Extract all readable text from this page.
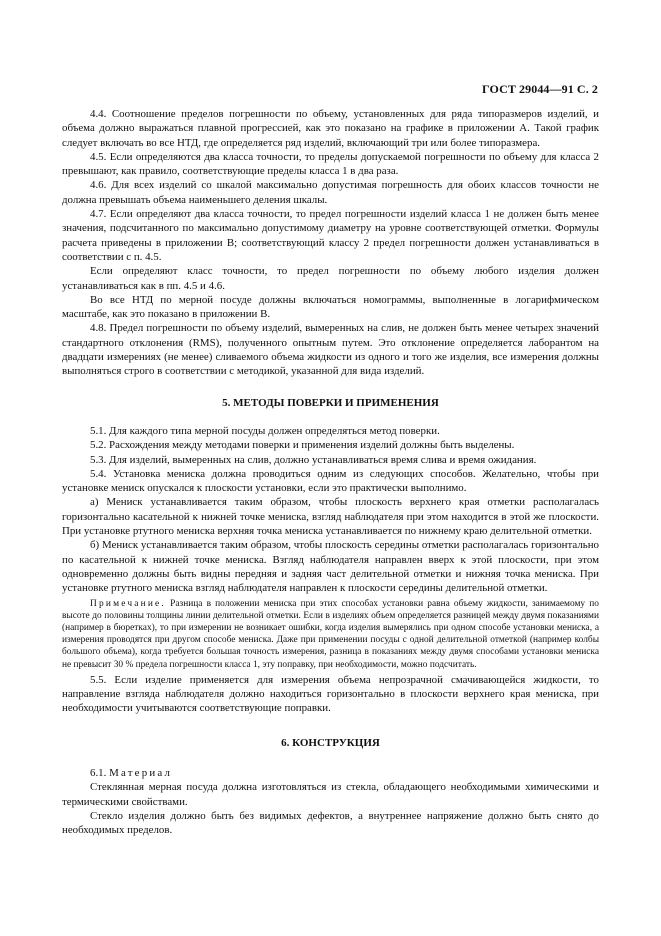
ГОСТ 29044—91 С. 2

4.4. Соотношение пределов погрешности по объему, установленных для ряда типоразмеров изделий, и объема должно выражаться плавной прогрессией, как это показано на графике в приложении А. Такой график следует включать во все НТД, где определяется ряд изделий, включающий три или более типоразмера.

4.5. Если определяются два класса точности, то пределы допускаемой погрешности по объему для класса 2 превышают, как правило, соответствующие пределы класса 1 в два раза.

4.6. Для всех изделий со шкалой максимально допустимая погрешность для обоих классов точности не должна превышать объема наименьшего деления шкалы.

4.7. Если определяют два класса точности, то предел погрешности изделий класса 1 не должен быть менее значения, подсчитанного по максимально допустимому диаметру на уровне соответствующей отметки. Формулы расчета приведены в приложении В; соответствующий классу 2 предел погрешности должен устанавливаться в соответствии с п. 4.5.

Если определяют класс точности, то предел погрешности по объему любого изделия должен устанавливаться как в пп. 4.5 и 4.6.

Во все НТД по мерной посуде должны включаться номограммы, выполненные в логарифмическом масштабе, как это показано в приложении В.

4.8. Предел погрешности по объему изделий, вымеренных на слив, не должен быть менее четырех значений стандартного отклонения (RMS), полученного опытным путем. Это отклонение определяется лаборантом на двадцати измерениях (не менее) сливаемого объема жидкости из одного и того же изделия, все измерения должны выполняться строго в соответствии с методикой, указанной для вида изделий.

5. МЕТОДЫ ПОВЕРКИ И ПРИМЕНЕНИЯ

5.1. Для каждого типа мерной посуды должен определяться метод поверки.

5.2. Расхождения между методами поверки и применения изделий должны быть выделены.

5.3. Для изделий, вымеренных на слив, должно устанавливаться время слива и время ожидания.

5.4. Установка мениска должна проводиться одним из следующих способов. Желательно, чтобы при установке мениск опускался к плоскости установки, если это практически выполнимо.

а) Мениск устанавливается таким образом, чтобы плоскость верхнего края отметки располагалась горизонтально касательной к нижней точке мениска, взгляд наблюдателя при этом находится в этой же плоскости. При установке ртутного мениска верхняя точка мениска устанавливается по нижнему краю делительной отметки.

б) Мениск устанавливается таким образом, чтобы плоскость середины отметки располагалась горизонтально по касательной к нижней точке мениска. Взгляд наблюдателя направлен вверх к этой плоскости, при этом одновременно должны быть видны передняя и задняя част делительной отметки и нижняя точка мениска. При установке ртутного мениска взгляд наблюдателя направлен к плоскости середины делительной отметки.

Примечание. Разница в положении мениска при этих способах установки равна объему жидкости, занимаемому по высоте до половины толщины линии делительной отметки. Если в изделиях объем определяется разницей между двумя показаниями (например в бюретках), то при измерении не возникает ошибки, когда изделия вымерялись при одном способе установки мениска, а измерения проводятся при другом способе мениска. Даже при применении посуды с одной делительной отметкой (например колбы большого объема), когда требуется большая точность измерения, разница в показаниях между двумя способами установки мениска не превысит 30 % предела погрешности класса 1, эту поправку, при необходимости, можно подсчитать.

5.5. Если изделие применяется для измерения объема непрозрачной смачивающейся жидкости, то направление взгляда наблюдателя должно находиться горизонтально в плоскости верхнего края мениска, при необходимости учитываются соответствующие поправки.

6. КОНСТРУКЦИЯ

6.1. Материал

Стеклянная мерная посуда должна изготовляться из стекла, обладающего необходимыми химическими и термическими свойствами.

Стекло изделия должно быть без видимых дефектов, а внутреннее напряжение должно быть снято до необходимых пределов.
